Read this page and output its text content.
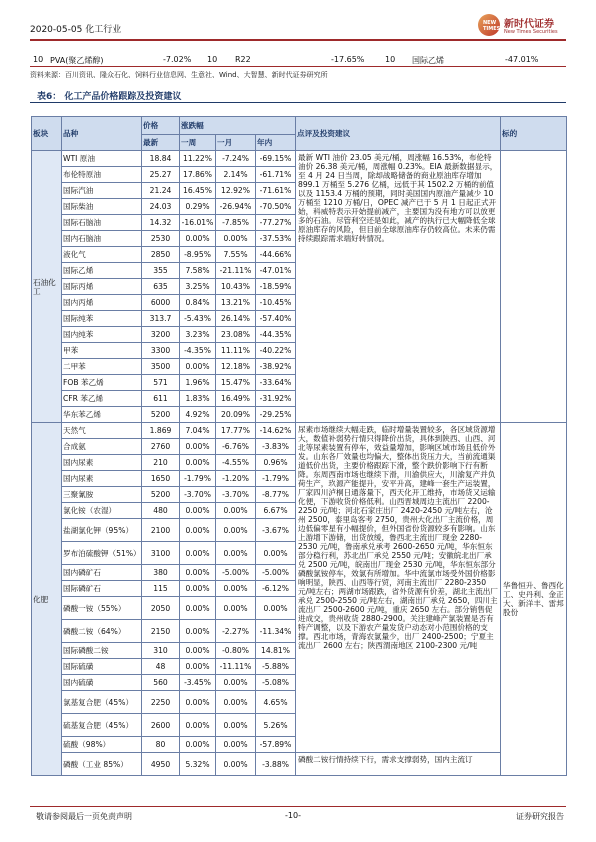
2020-05-05 化工行业
NEW TIMES 新时代证券
New Times Securities
10 PVA(聚乙烯醇)	-7.02% 10 R22	-17.65%	10 国际乙烯	-47.01%
资料来源：百川资讯、隆众石化、饲料行业信息网、生意社、Wind、大智慧、新时代证券研究所
表6： 化工产品价格跟踪及投资建议
板块	品种	价格	涨跌幅			点评及投资建议	标的
		最新	一周	一月	年内		
石油化工	WTI 原油	18.84	11.22%	-7.24%	-69.15%	最新 WTI 油价 23.05 美元/桶，周涨幅 16.53%，布伦特油价 26.38 美元/桶，周涨幅 0.23%。EIA 最新数据显示，至 4 月 24 日当周，除却战略储备的商业原油库存增加 899.1 万桶至 5.276 亿桶，远低于其 1502.2 万桶的前值以及 1153.4 万桶的预期，同时美国国内原油产量减少 10 万桶至 1210 万桶/日，OPEC 减产已于 5 月 1 日起正式开始，科威特表示开始提前减产，主要国为没有地方可以放更多的石油。尽管利空还是如此，减产的执行已大幅降低全球原油库存的风险，但目前全球原油库存仍较高位。未来仍需持续跟踪需求端好转情况。	
	布伦特原油	25.27	17.86%	2.14%	-61.71%		
	国际汽油	21.24	16.45%	12.92%	-71.61%		
	国际柴油	24.03	0.29%	-26.94%	-70.50%		
	国际石脑油	14.32	-16.01%	-7.85%	-77.27%		
	国内石脑油	2530	0.00%	0.00%	-37.53%		
	液化气	2850	-8.95%	7.55%	-44.66%		
	国际乙烯	355	7.58%	-21.11%	-47.01%		
	国际丙烯	635	3.25%	10.43%	-18.59%		
	国内丙烯	6000	0.84%	13.21%	-10.45%		
	国际纯苯	313.7	-5.43%	26.14%	-57.40%		
	国内纯苯	3200	3.23%	23.08%	-44.35%		
	甲苯	3300	-4.35%	11.11%	-40.22%		
	二甲苯	3500	0.00%	12.18%	-38.92%		
	FOB 苯乙烯	571	1.96%	15.47%	-33.64%		
	CFR 苯乙烯	611	1.83%	16.49%	-31.92%		
	华东苯乙烯	5200	4.92%	20.09%	-29.25%		
化肥	天然气	1.869	7.04%	17.77%	-14.62%	尿素市场继续大幅走跌，临时增量装置较多，各区域货源增大，数值补弱势行情只得降价出货，具体到陕西、山西、河北等尿素装置有停车，效益量增加，影响区域市场且低价外发。山东各厂效量也均偏大，整体出货压力大，当前流通渠道低价出货，主要价格跟踪下滑，整个跌价影响下行有断降。东周西南市场也继续下滑，川渝供应大，川渝复产并负荷生产，玖源产能提升，安平升高，建峰一套生产运装置，厂家四川泸桐日通落量下，西天化开工维持，市场货又运输化便，下游收货价格低利。山西晋城周边主流出厂 2200-2250 元/吨；河北石家庄出厂 2420-2450 元/吨左右，沧州 2500，泰里岛客考 2750，贵州大化出厂主流价格，周边低偏零星有小幅提价，但外国省份货源较多有影响。山东上游增下游储，出货放缓，鲁西北主流出厂现金 2280-2530 元/吨，鲁南承兑承考 2600-2650 元/吨，华东恒东部分稳行利，苏北出厂承兑 2550 元/吨；安徽皖北出厂承兑 2500 元/吨，皖南出厂现金 2530 元/吨，华东恒东部分磷酸氯铵停车，效氯有所增加。华中流氯市场受外国价格影响明显，陕西、山西等行贸，河南主流出厂 2280-2350 元/吨左右；两湖市场跟跌，省外货源有价差，湖北主流出厂承兑 2500-2550 元/吨左右，湖南出厂承兑 2650，四川主流出厂 2500-2600 元/吨，重庆 2650 左右。部分销售促进成交，贵州收货 2880-2900。关注建峰产氯装置是否有特产调整，以及下游农产量发货户动态对小范围价格的支撑。西北市场，青海农氯量少，出厂 2400-2500；宁夏主流出厂 2600 左右；陕西渭南地区 2100-2300 元/吨	华鲁恒升、鲁西化工、史丹利、金正大、新洋丰、雷邦股份
	合成氨	2760	0.00%	-6.76%	-3.83%		
	国内尿素	210	0.00%	-4.55%	0.96%		
	国内尿素	1650	-1.79%	-1.20%	-1.79%		
	三聚氰胺	5200	-3.70%	-3.70%	-8.77%		
	氯化铵（农湿）	480	0.00%	0.00%	6.67%		
	盐湖氯化钾（95%）	2100	0.00%	0.00%	-3.67%		
	罗布泊硫酸钾（51%）	3100	0.00%	0.00%	0.00%		
	国内磷矿石	380	0.00%	-5.00%	-5.00%		
	国际磷矿石	115	0.00%	0.00%	-6.12%		
	磷酸一铵（55%）	2050	0.00%	0.00%	0.00%		
	磷酸二铵（64%）	2150	0.00%	-2.27%	-11.34%		
	国际磷酸二铵	310	0.00%	-0.80%	14.81%		
	国际硫磺	48	0.00%	-11.11%	-5.88%		
	国内硫磺	560	-3.45%	0.00%	-5.08%		
	氯基复合肥（45%）	2250	0.00%	0.00%	4.65%		
	硫基复合肥（45%）	2600	0.00%	0.00%	5.26%		
	硫酸（98%）	80	0.00%	0.00%	-57.89%		
	磷酸（工业 85%）	4950	5.32%	0.00%	-3.88%	磷酸二铵行情持续下行，需求支撑弱势，国内主流订	
敬请参阅最后一页免责声明	-10-	证券研究报告
